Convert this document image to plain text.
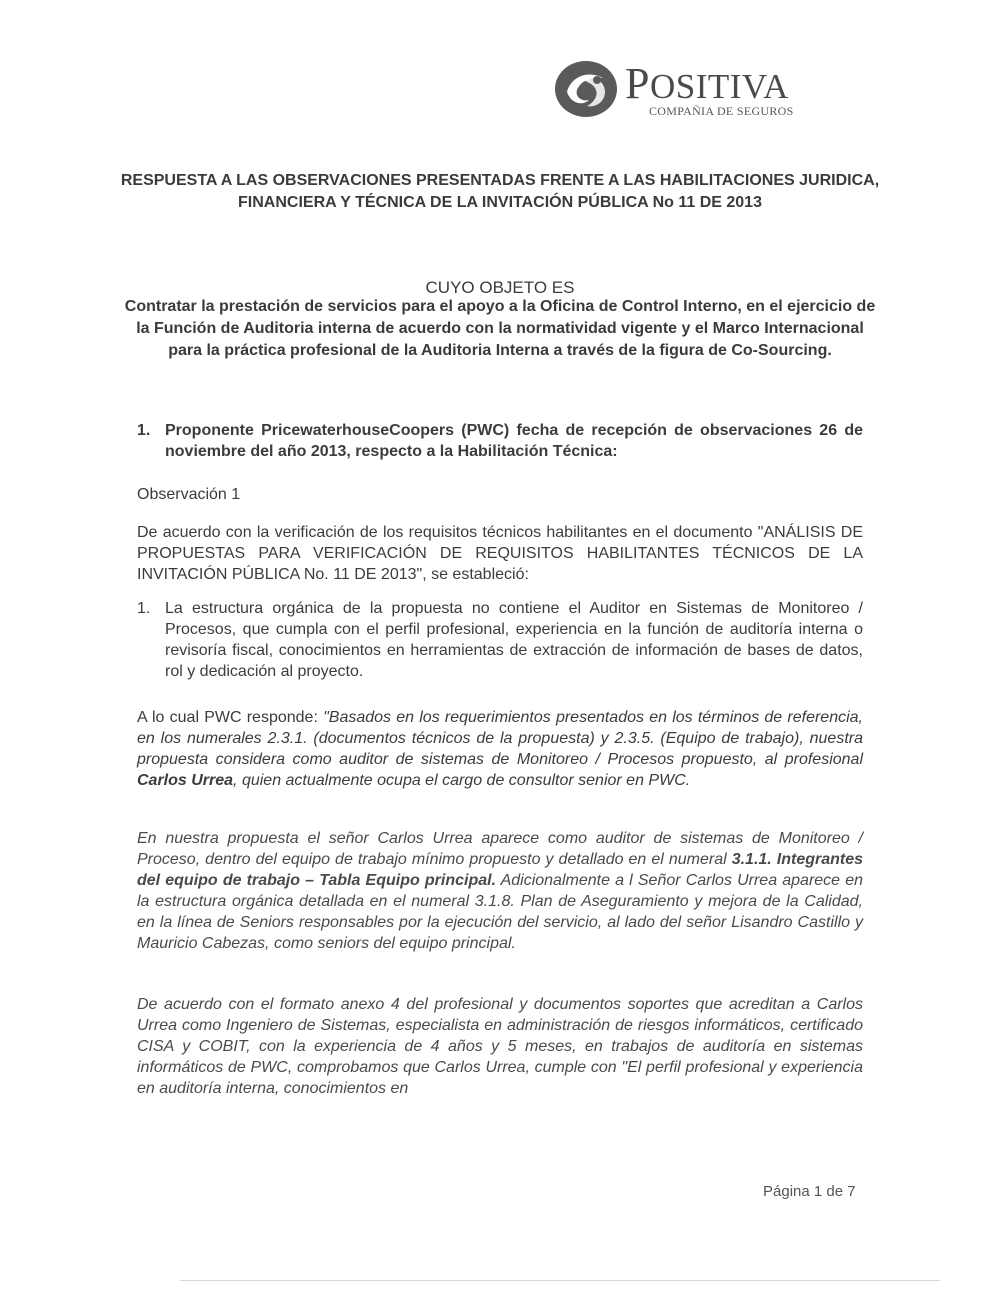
POSITIVA
COMPAÑIA DE SEGUROS
RESPUESTA A LAS OBSERVACIONES PRESENTADAS FRENTE A LAS HABILITACIONES JURIDICA, FINANCIERA Y TÉCNICA DE LA INVITACIÓN PÚBLICA No 11 DE 2013
CUYO OBJETO ES
Contratar la prestación de servicios para el apoyo a la Oficina de Control Interno, en el ejercicio de la Función de Auditoria interna de acuerdo con la normatividad vigente y el Marco Internacional para la práctica profesional de la Auditoria Interna a través de la figura de Co-Sourcing.
1. Proponente PricewaterhouseCoopers (PWC) fecha de recepción de observaciones 26 de noviembre del año 2013, respecto a la Habilitación Técnica:
Observación 1
De acuerdo con la verificación de los requisitos técnicos habilitantes en el documento "ANÁLISIS DE PROPUESTAS PARA VERIFICACIÓN DE REQUISITOS HABILITANTES TÉCNICOS DE LA INVITACIÓN PÚBLICA No. 11 DE 2013", se estableció:
1. La estructura orgánica de la propuesta no contiene el Auditor en Sistemas de Monitoreo / Procesos, que cumpla con el perfil profesional, experiencia en la función de auditoría interna o revisoría fiscal, conocimientos en herramientas de extracción de información de bases de datos, rol y dedicación al proyecto.
A lo cual PWC responde: "Basados en los requerimientos presentados en los términos de referencia, en los numerales 2.3.1. (documentos técnicos de la propuesta) y 2.3.5. (Equipo de trabajo), nuestra propuesta considera como auditor de sistemas de Monitoreo / Procesos propuesto, al profesional Carlos Urrea, quien actualmente ocupa el cargo de consultor senior en PWC.
En nuestra propuesta el señor Carlos Urrea aparece como auditor de sistemas de Monitoreo / Proceso, dentro del equipo de trabajo mínimo propuesto y detallado en el numeral 3.1.1. Integrantes del equipo de trabajo – Tabla Equipo principal. Adicionalmente a l Señor Carlos Urrea aparece en la estructura orgánica detallada en el numeral 3.1.8. Plan de Aseguramiento y mejora de la Calidad, en la línea de Seniors responsables por la ejecución del servicio, al lado del señor Lisandro Castillo y Mauricio Cabezas, como seniors del equipo principal.
De acuerdo con el formato anexo 4 del profesional y documentos soportes que acreditan a Carlos Urrea como Ingeniero de Sistemas, especialista en administración de riesgos informáticos, certificado CISA y COBIT, con la experiencia de 4 años y 5 meses, en trabajos de auditoría en sistemas informáticos de PWC, comprobamos que Carlos Urrea, cumple con "El perfil profesional y experiencia en auditoría interna, conocimientos en
Página 1 de 7
